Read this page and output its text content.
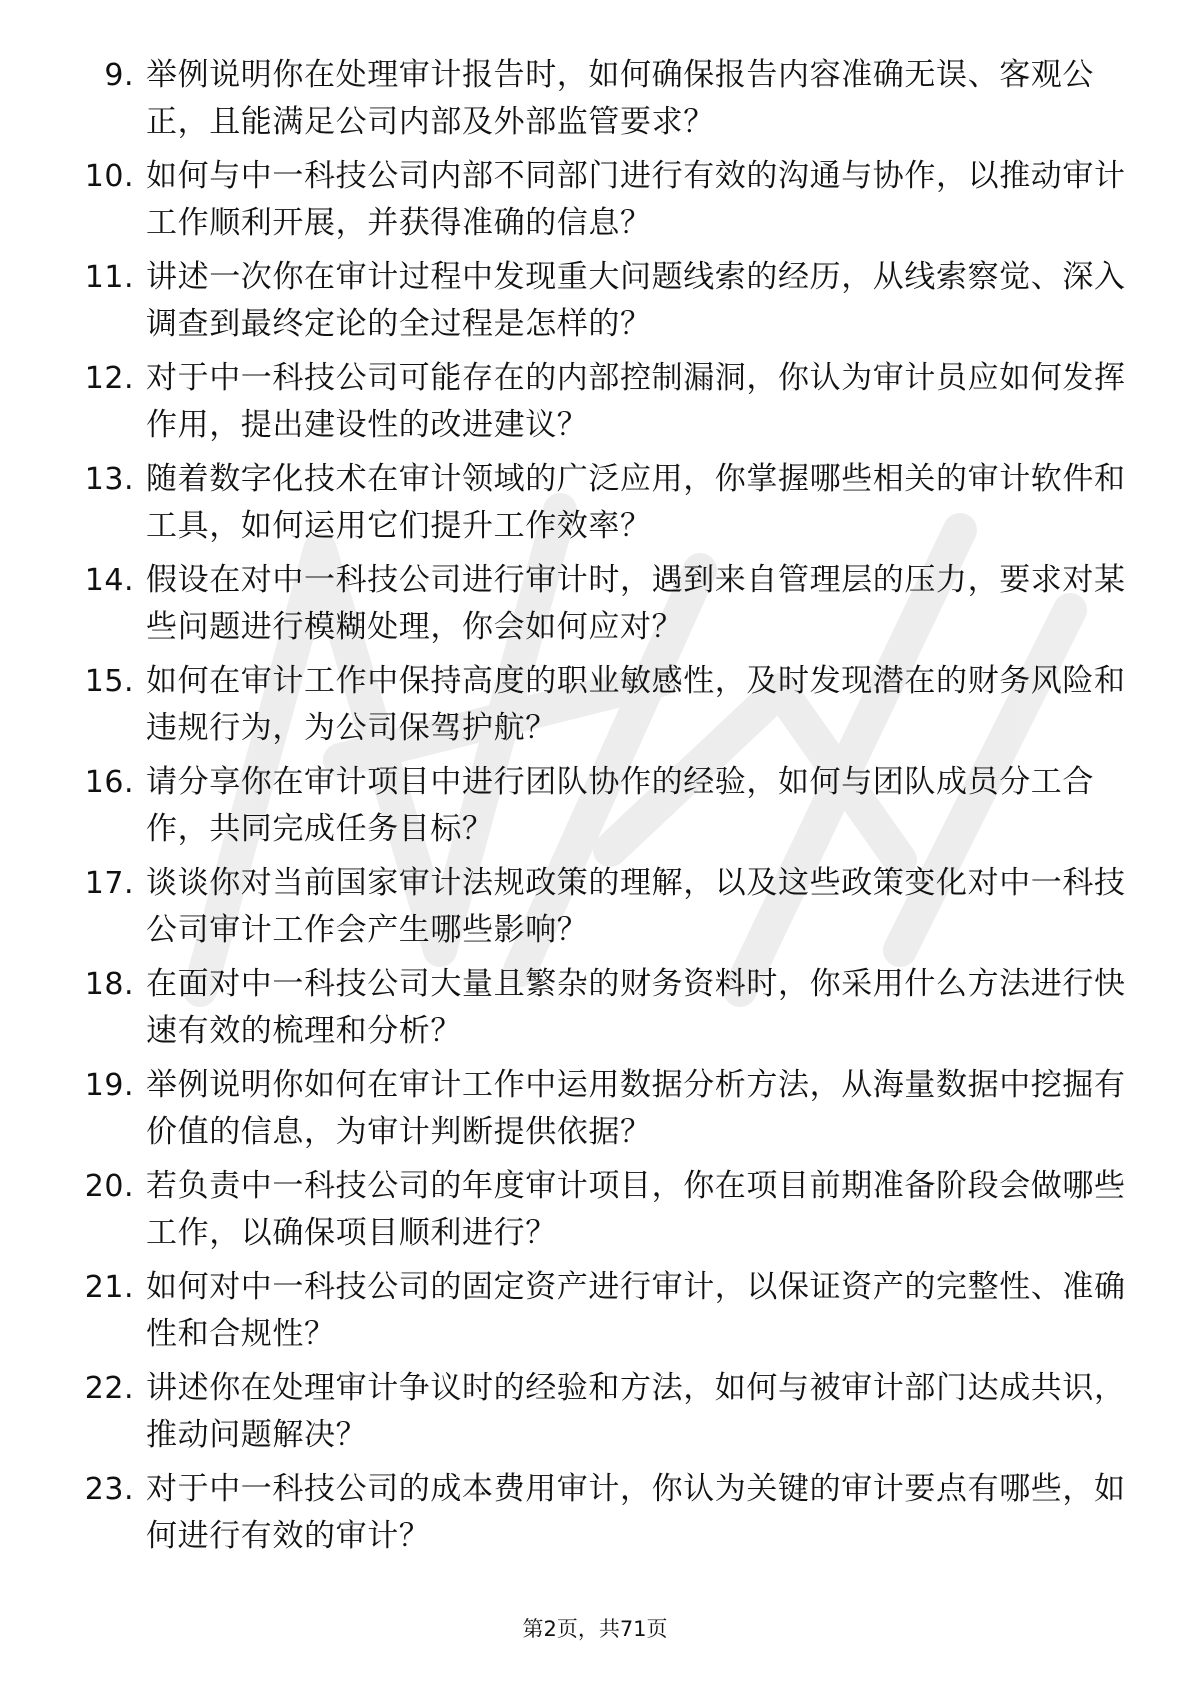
9. 举例说明你在处理审计报告时，如何确保报告内容准确无误、客观公正，且能满足公司内部及外部监管要求？
10. 如何与中一科技公司内部不同部门进行有效的沟通与协作，以推动审计工作顺利开展，并获得准确的信息？
11. 讲述一次你在审计过程中发现重大问题线索的经历，从线索察觉、深入调查到最终定论的全过程是怎样的？
12. 对于中一科技公司可能存在的内部控制漏洞，你认为审计员应如何发挥作用，提出建设性的改进建议？
13. 随着数字化技术在审计领域的广泛应用，你掌握哪些相关的审计软件和工具，如何运用它们提升工作效率？
14. 假设在对中一科技公司进行审计时，遇到来自管理层的压力，要求对某些问题进行模糊处理，你会如何应对？
15. 如何在审计工作中保持高度的职业敏感性，及时发现潜在的财务风险和违规行为，为公司保驾护航？
16. 请分享你在审计项目中进行团队协作的经验，如何与团队成员分工合作，共同完成任务目标？
17. 谈谈你对当前国家审计法规政策的理解，以及这些政策变化对中一科技公司审计工作会产生哪些影响？
18. 在面对中一科技公司大量且繁杂的财务资料时，你采用什么方法进行快速有效的梳理和分析？
19. 举例说明你如何在审计工作中运用数据分析方法，从海量数据中挖掘有价值的信息，为审计判断提供依据？
20. 若负责中一科技公司的年度审计项目，你在项目前期准备阶段会做哪些工作，以确保项目顺利进行？
21. 如何对中一科技公司的固定资产进行审计，以保证资产的完整性、准确性和合规性？
22. 讲述你在处理审计争议时的经验和方法，如何与被审计部门达成共识，推动问题解决？
23. 对于中一科技公司的成本费用审计，你认为关键的审计要点有哪些，如何进行有效的审计？
第2页，共71页
